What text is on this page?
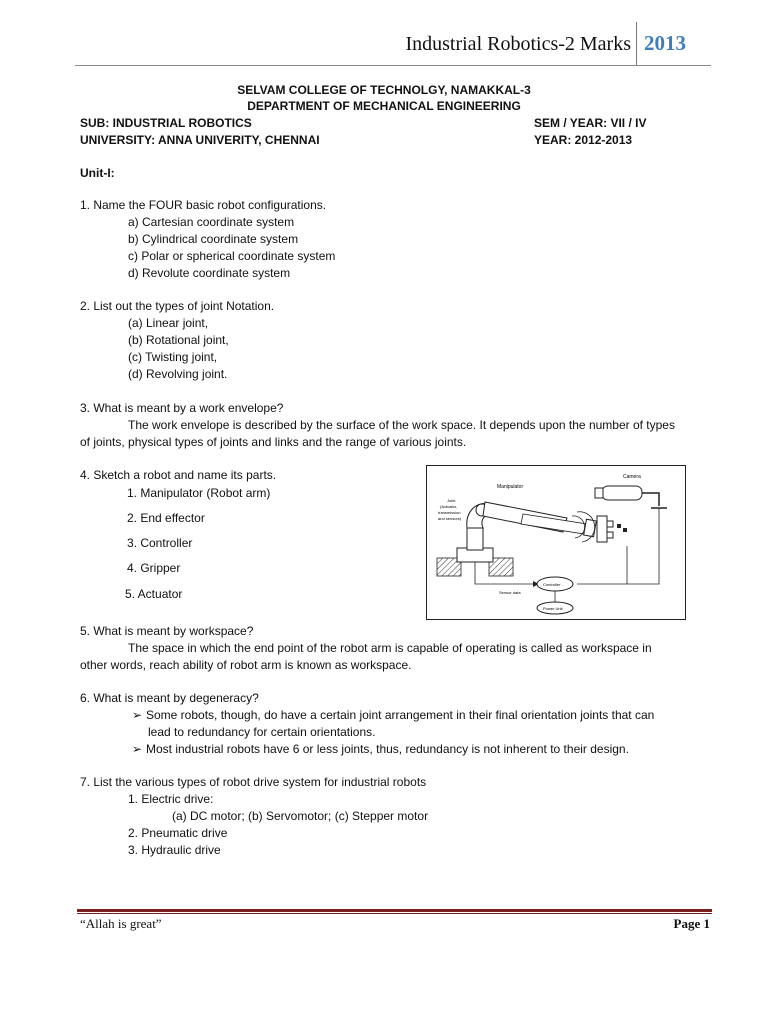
Industrial Robotics-2 Marks 2013
SELVAM COLLEGE OF TECHNOLGY, NAMAKKAL-3
DEPARTMENT OF MECHANICAL ENGINEERING
SUB: INDUSTRIAL ROBOTICS	SEM / YEAR: VII / IV
UNIVERSITY: ANNA UNIVERITY, CHENNAI	YEAR: 2012-2013
Unit-I:
1. Name the FOUR basic robot configurations.
a) Cartesian coordinate system
b) Cylindrical coordinate system
c) Polar or spherical coordinate system
d) Revolute coordinate system
2. List out the types of joint Notation.
(a) Linear joint,
(b) Rotational joint,
(c) Twisting joint,
(d) Revolving joint.
3. What is meant by a work envelope?
The work envelope is described by the surface of the work space. It depends upon the number of types
of joints, physical types of joints and links and the range of various joints.
4. Sketch a robot and name its parts.
1. Manipulator (Robot arm)
2. End effector
3. Controller
4. Gripper
5. Actuator
Camera
Manipulator
Joint
(Actuator,
transmission
and sensors)
Controller
Sensor data
Power Unit
5. What is meant by workspace?
The space in which the end point of the robot arm is capable of operating is called as workspace in
other words, reach ability of robot arm is known as workspace.
6. What is meant by degeneracy?
➢ Some robots, though, do have a certain joint arrangement in their final orientation joints that can
lead to redundancy for certain orientations.
➢ Most industrial robots have 6 or less joints, thus, redundancy is not inherent to their design.
7. List the various types of robot drive system for industrial robots
1. Electric drive:
(a) DC motor; (b) Servomotor; (c) Stepper motor
2. Pneumatic drive
3. Hydraulic drive
“Allah is great”	Page 1
